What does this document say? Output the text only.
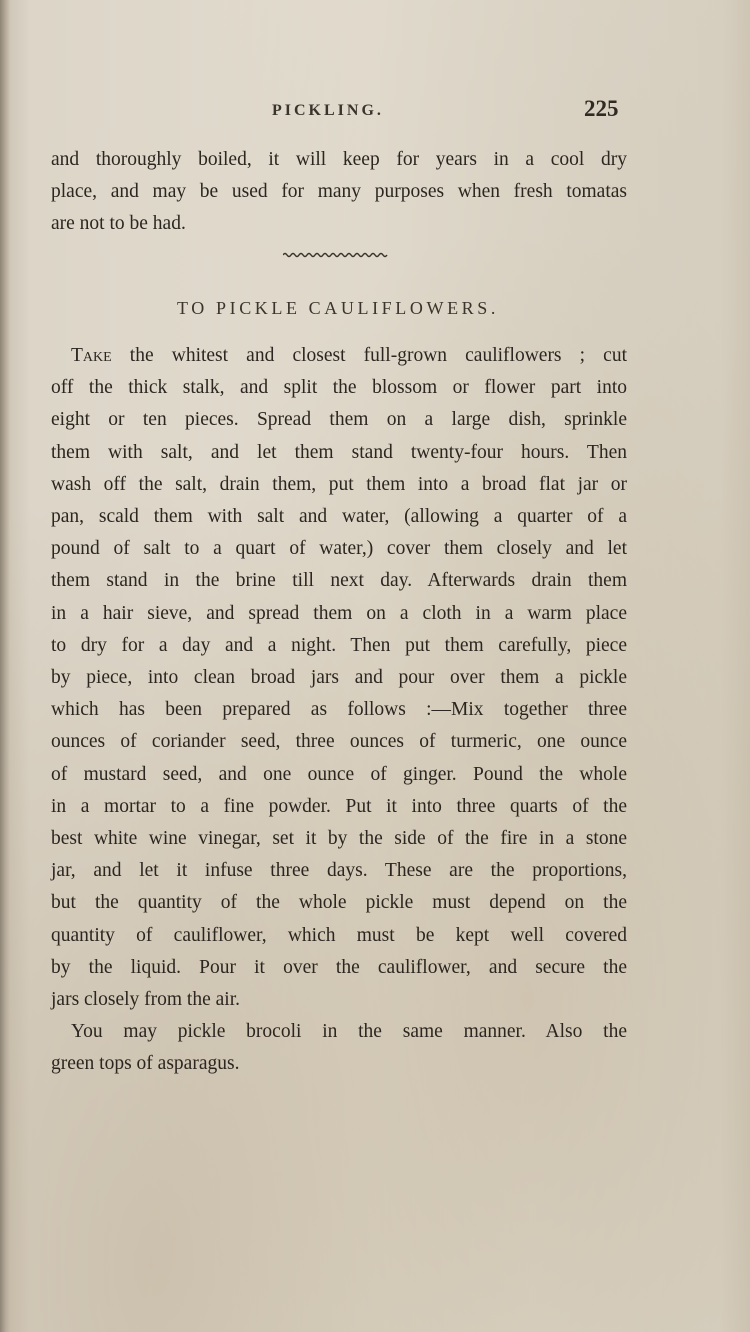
PICKLING.	225
and thoroughly boiled, it will keep for years in a cool dry
place, and may be used for many purposes when fresh tomatas
are not to be had.
TO PICKLE CAULIFLOWERS.
Take the whitest and closest full-grown cauliflowers ; cut
off the thick stalk, and split the blossom or flower part into
eight or ten pieces. Spread them on a large dish, sprinkle
them with salt, and let them stand twenty-four hours. Then
wash off the salt, drain them, put them into a broad flat jar or
pan, scald them with salt and water, (allowing a quarter of a
pound of salt to a quart of water,) cover them closely and let
them stand in the brine till next day. Afterwards drain them
in a hair sieve, and spread them on a cloth in a warm place
to dry for a day and a night. Then put them carefully, piece
by piece, into clean broad jars and pour over them a pickle
which has been prepared as follows :—Mix together three
ounces of coriander seed, three ounces of turmeric, one ounce
of mustard seed, and one ounce of ginger. Pound the whole
in a mortar to a fine powder. Put it into three quarts of the
best white wine vinegar, set it by the side of the fire in a stone
jar, and let it infuse three days. These are the proportions,
but the quantity of the whole pickle must depend on the
quantity of cauliflower, which must be kept well covered
by the liquid. Pour it over the cauliflower, and secure the
jars closely from the air.
You may pickle brocoli in the same manner. Also the
green tops of asparagus.
